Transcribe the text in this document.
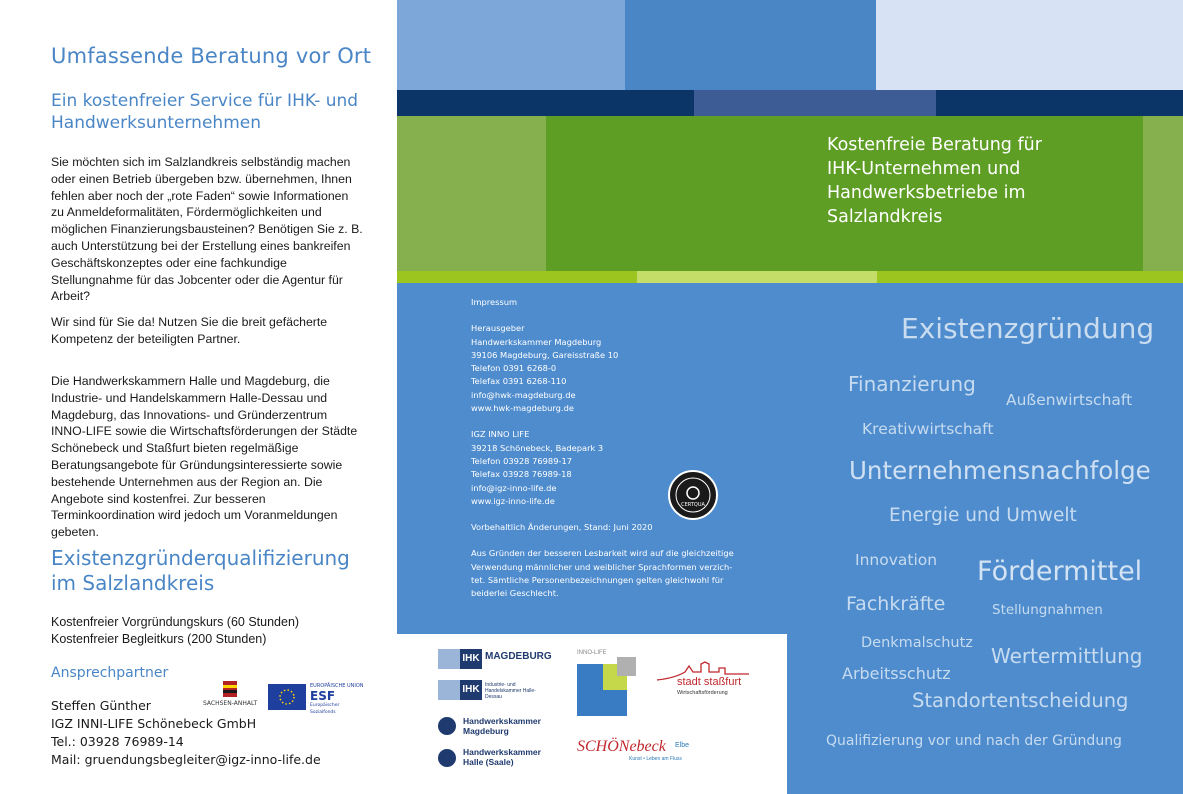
Umfassende Beratung vor Ort
Ein kostenfreier Service für IHK- und Handwerksunternehmen
Sie möchten sich im Salzlandkreis selbständig machen oder einen Betrieb übergeben bzw. übernehmen, Ihnen fehlen aber noch der „rote Faden“ sowie Informationen zu Anmeldeformalitäten, Fördermöglichkeiten und möglichen Finanzierungsbausteinen? Benötigen Sie z. B. auch Unterstützung bei der Erstellung eines bankreifen Geschäftskonzeptes oder eine fachkundige Stellungnahme für das Jobcenter oder die Agentur für Arbeit?
Wir sind für Sie da! Nutzen Sie die breit gefächerte Kompetenz der beteiligten Partner.
Die Handwerkskammern Halle und Magdeburg, die Industrie- und Handelskammern Halle-Dessau und Magdeburg, das Innovations- und Gründerzentrum INNO-LIFE sowie die Wirtschaftsförderungen der Städte Schönebeck und Staßfurt bieten regelmäßige Beratungsangebote für Gründungsinteressierte sowie bestehende Unternehmen aus der Region an. Die Angebote sind kostenfrei. Zur besseren Terminkoordination wird jedoch um Voranmeldungen gebeten.
Existenzgründerqualifizierung im Salzlandkreis
Kostenfreier Vorgründungskurs (60 Stunden)
Kostenfreier Begleitkurs (200 Stunden)
Ansprechpartner
Steffen Günther
IGZ INNI-LIFE Schönebeck GmbH
Tel.: 03928 76989-14
Mail: gruendungsbegleiter@igz-inno-life.de
SACHSEN-ANHALT
EUROPÄISCHE UNION
ESF
Europäischer
Sozialfonds
Kostenfreie Beratung für
IHK-Unternehmen und
Handwerksbetriebe im
Salzlandkreis
Impressum
Herausgeber
Handwerkskammer Magdeburg
39106 Magdeburg, Gareisstraße 10
Telefon 0391 6268-0
Telefax 0391 6268-110
info@hwk-magdeburg.de
www.hwk-magdeburg.de
IGZ INNO LIFE
39218 Schönebeck, Badepark 3
Telefon 03928 76989-17
Telefax 03928 76989-18
info@igz-inno-life.de
www.igz-inno-life.de
Vorbehaltlich Änderungen, Stand: Juni 2020
Aus Gründen der besseren Lesbarkeit wird auf die gleichzeitige
Verwendung männlicher und weiblicher Sprachformen verzich-
tet. Sämtliche Personenbezeichnungen gelten gleichwohl für
beiderlei Geschlecht.
CERTQUA
Existenzgründung
Finanzierung
Außenwirtschaft
Kreativwirtschaft
Unternehmensnachfolge
Energie und Umwelt
Innovation Fördermittel
Fachkräfte	Stellungnahmen
Denkmalschutz
Wertermittlung
Arbeitsschutz
Standortentscheidung
Qualifizierung vor und nach der Gründung
IHK MAGDEBURG
IHK	Industrie- und Handelskammer Halle-Dessau
Handwerkskammer
Magdeburg
Handwerkskammer
Halle (Saale)
INNO-LIFE
stadt staßfurt
Wirtschaftsförderung
SCHÖNebeck Elbe
Kunst • Leben am Fluss
